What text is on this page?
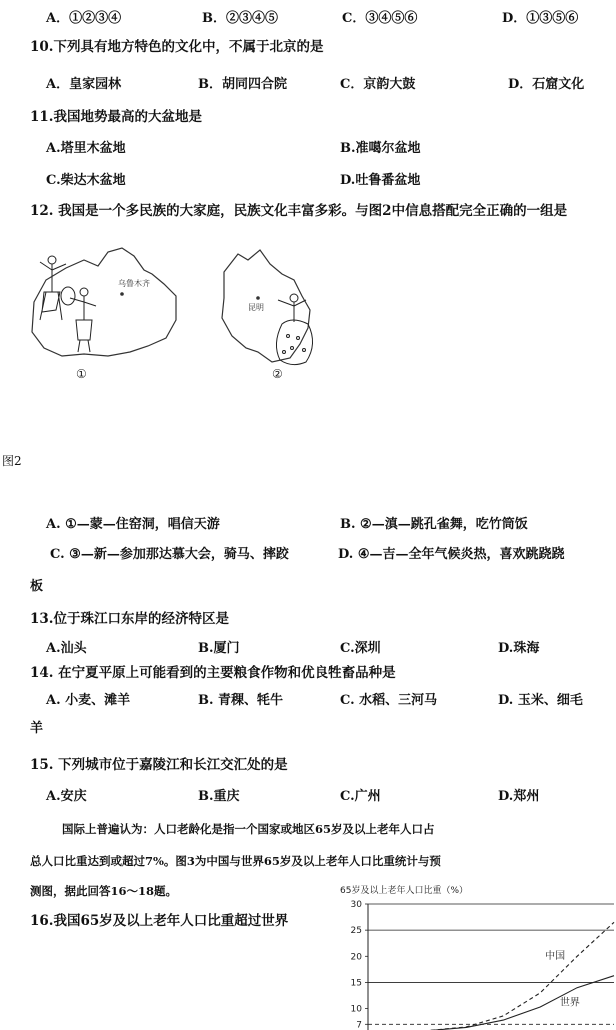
A．①②③④	B．②③④⑤	C．③④⑤⑥	D．①③⑤⑥
10.下列具有地方特色的文化中，不属于北京的是
A．皇家园林	B．胡同四合院	C．京韵大鼓	D．石窟文化
11.我国地势最高的大盆地是
A.塔里木盆地	B.准噶尔盆地
C.柴达木盆地	D.吐鲁番盆地
12. 我国是一个多民族的大家庭，民族文化丰富多彩。与图2中信息搭配完全正确的一组是
乌鲁木齐
①
昆明
②
图2
A. ①—蒙—住窑洞，唱信天游	B. ②—滇—跳孔雀舞，吃竹筒饭
C. ③—新—参加那达慕大会，骑马、摔跤	D. ④—吉—全年气候炎热，喜欢跳跷跷
板
13.位于珠江口东岸的经济特区是
A.汕头	B.厦门	C.深圳	D.珠海
14. 在宁夏平原上可能看到的主要粮食作物和优良牲畜品种是
A. 小麦、滩羊	B. 青稞、牦牛	C. 水稻、三河马	D. 玉米、细毛
羊
15. 下列城市位于嘉陵江和长江交汇处的是
A.安庆	B.重庆	C.广州	D.郑州
国际上普遍认为：人口老龄化是指一个国家或地区65岁及以上老年人口占
总人口比重达到或超过7%。图3为中国与世界65岁及以上老年人口比重统计与预
测图，据此回答16～18题。
16.我国65岁及以上老年人口比重超过世界
65岁及以上老年人口比重（%）
30
25
20
15
10
7
中国
世界
